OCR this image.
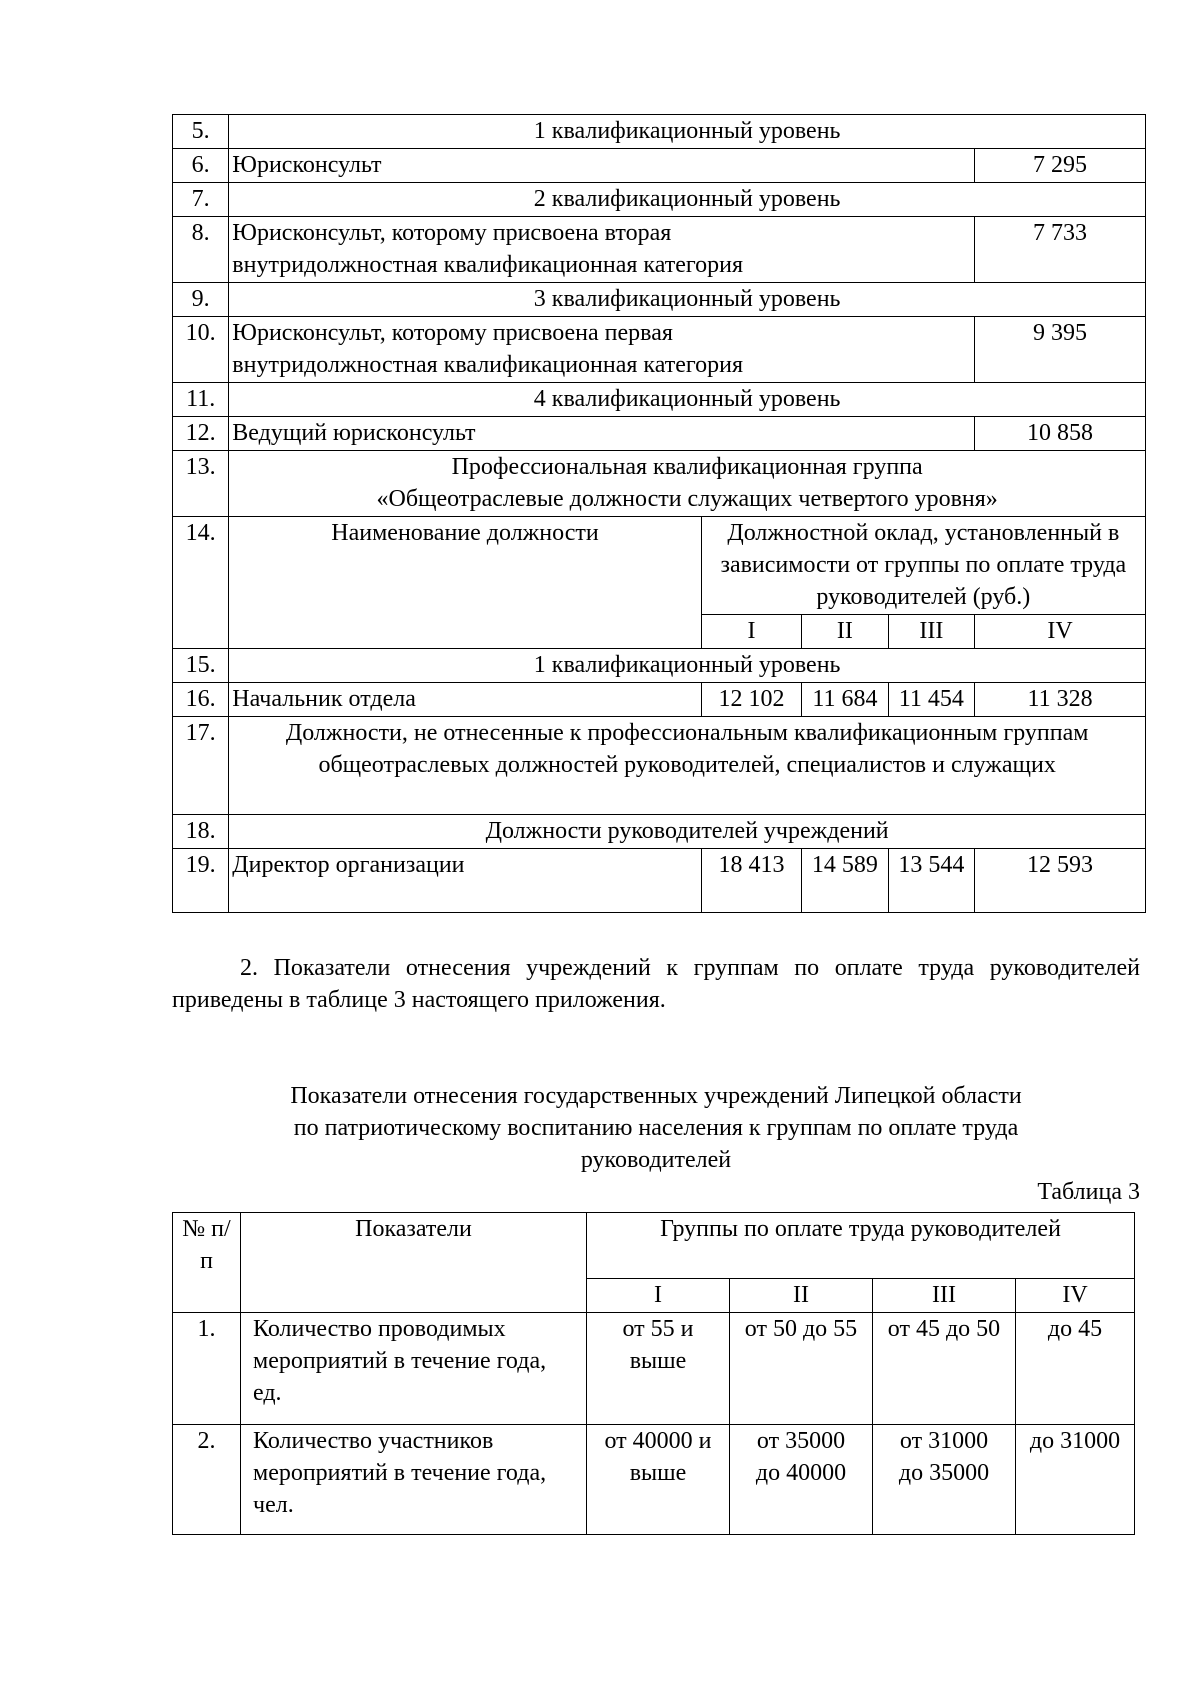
5.	1 квалификационный уровень				
6.	Юрисконсульт				7 295
7.	2 квалификационный уровень				
8.	Юрисконсульт, которому присвоена вторая
внутридолжностная квалификационная категория				7 733
9.	3 квалификационный уровень				
10.	Юрисконсульт, которому присвоена первая
внутридолжностная квалификационная категория				9 395
11.	4 квалификационный уровень				
12.	Ведущий юрисконсульт				10 858
13.	Профессиональная квалификационная группа
«Общеотраслевые должности служащих четвертого уровня»				

14.	Наименование должности	Должностной оклад, установленный в зависимости от группы по оплате труда руководителей (руб.)			
		I	II	III	IV
15.	1 квалификационный уровень				
16.	Начальник отдела	12 102	11 684	11 454	11 328
17.	Должности, не отнесенные к профессиональным квалификационным группам общеотраслевых должностей руководителей, специалистов и служащих				
18.	Должности руководителей учреждений				
19.	Директор организации	18 413	14 589	13 544	12 593
2. Показатели отнесения учреждений к группам по оплате труда руководителей приведены в таблице 3 настоящего приложения.
Показатели отнесения государственных учреждений Липецкой области
по патриотическому воспитанию населения к группам по оплате труда
руководителей
Таблица 3
№ п/п	Показатели	Группы по оплате труда руководителей			
		I	II	III	IV
1.	Количество проводимых мероприятий в течение года, ед.	от 55 и выше	от 50 до 55	от 45 до 50	до 45
2.	Количество участников мероприятий в течение года, чел.	от 40000 и выше	от 35000 до 40000	от 31000 до 35000	до 31000
